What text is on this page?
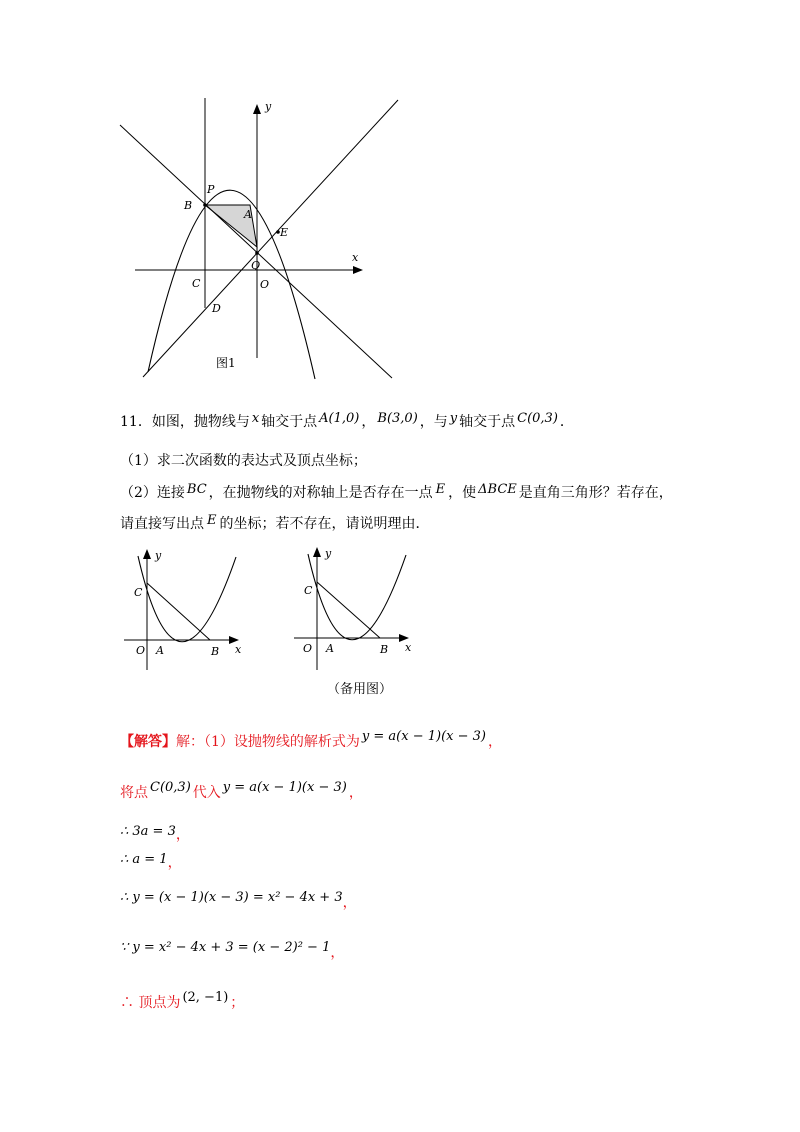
y
x
P
B
A
E
Q
C	O
D
图1
11．如图，抛物线与 x 轴交于点 A(1,0) ， B(3,0) ，与 y 轴交于点 C(0,3) ．
（1）求二次函数的表达式及顶点坐标；
（2）连接 BC ，在抛物线的对称轴上是否存在一点 E ，使 ΔBCE 是直角三角形？若存在，
请直接写出点 E 的坐标；若不存在，请说明理由．
y
C
x
O A	B
y
C
x
O A	B
（备用图）
【解答】解：（1）设抛物线的解析式为 y = a(x − 1)(x − 3) ，
将点 C(0,3) 代入 y = a(x − 1)(x − 3) ，
∴ 3a = 3，
∴ a = 1，
∴ y = (x − 1)(x − 3) = x² − 4x + 3，
∵ y = x² − 4x + 3 = (x − 2)² − 1，
∴ 顶点为 (2, −1) ；
